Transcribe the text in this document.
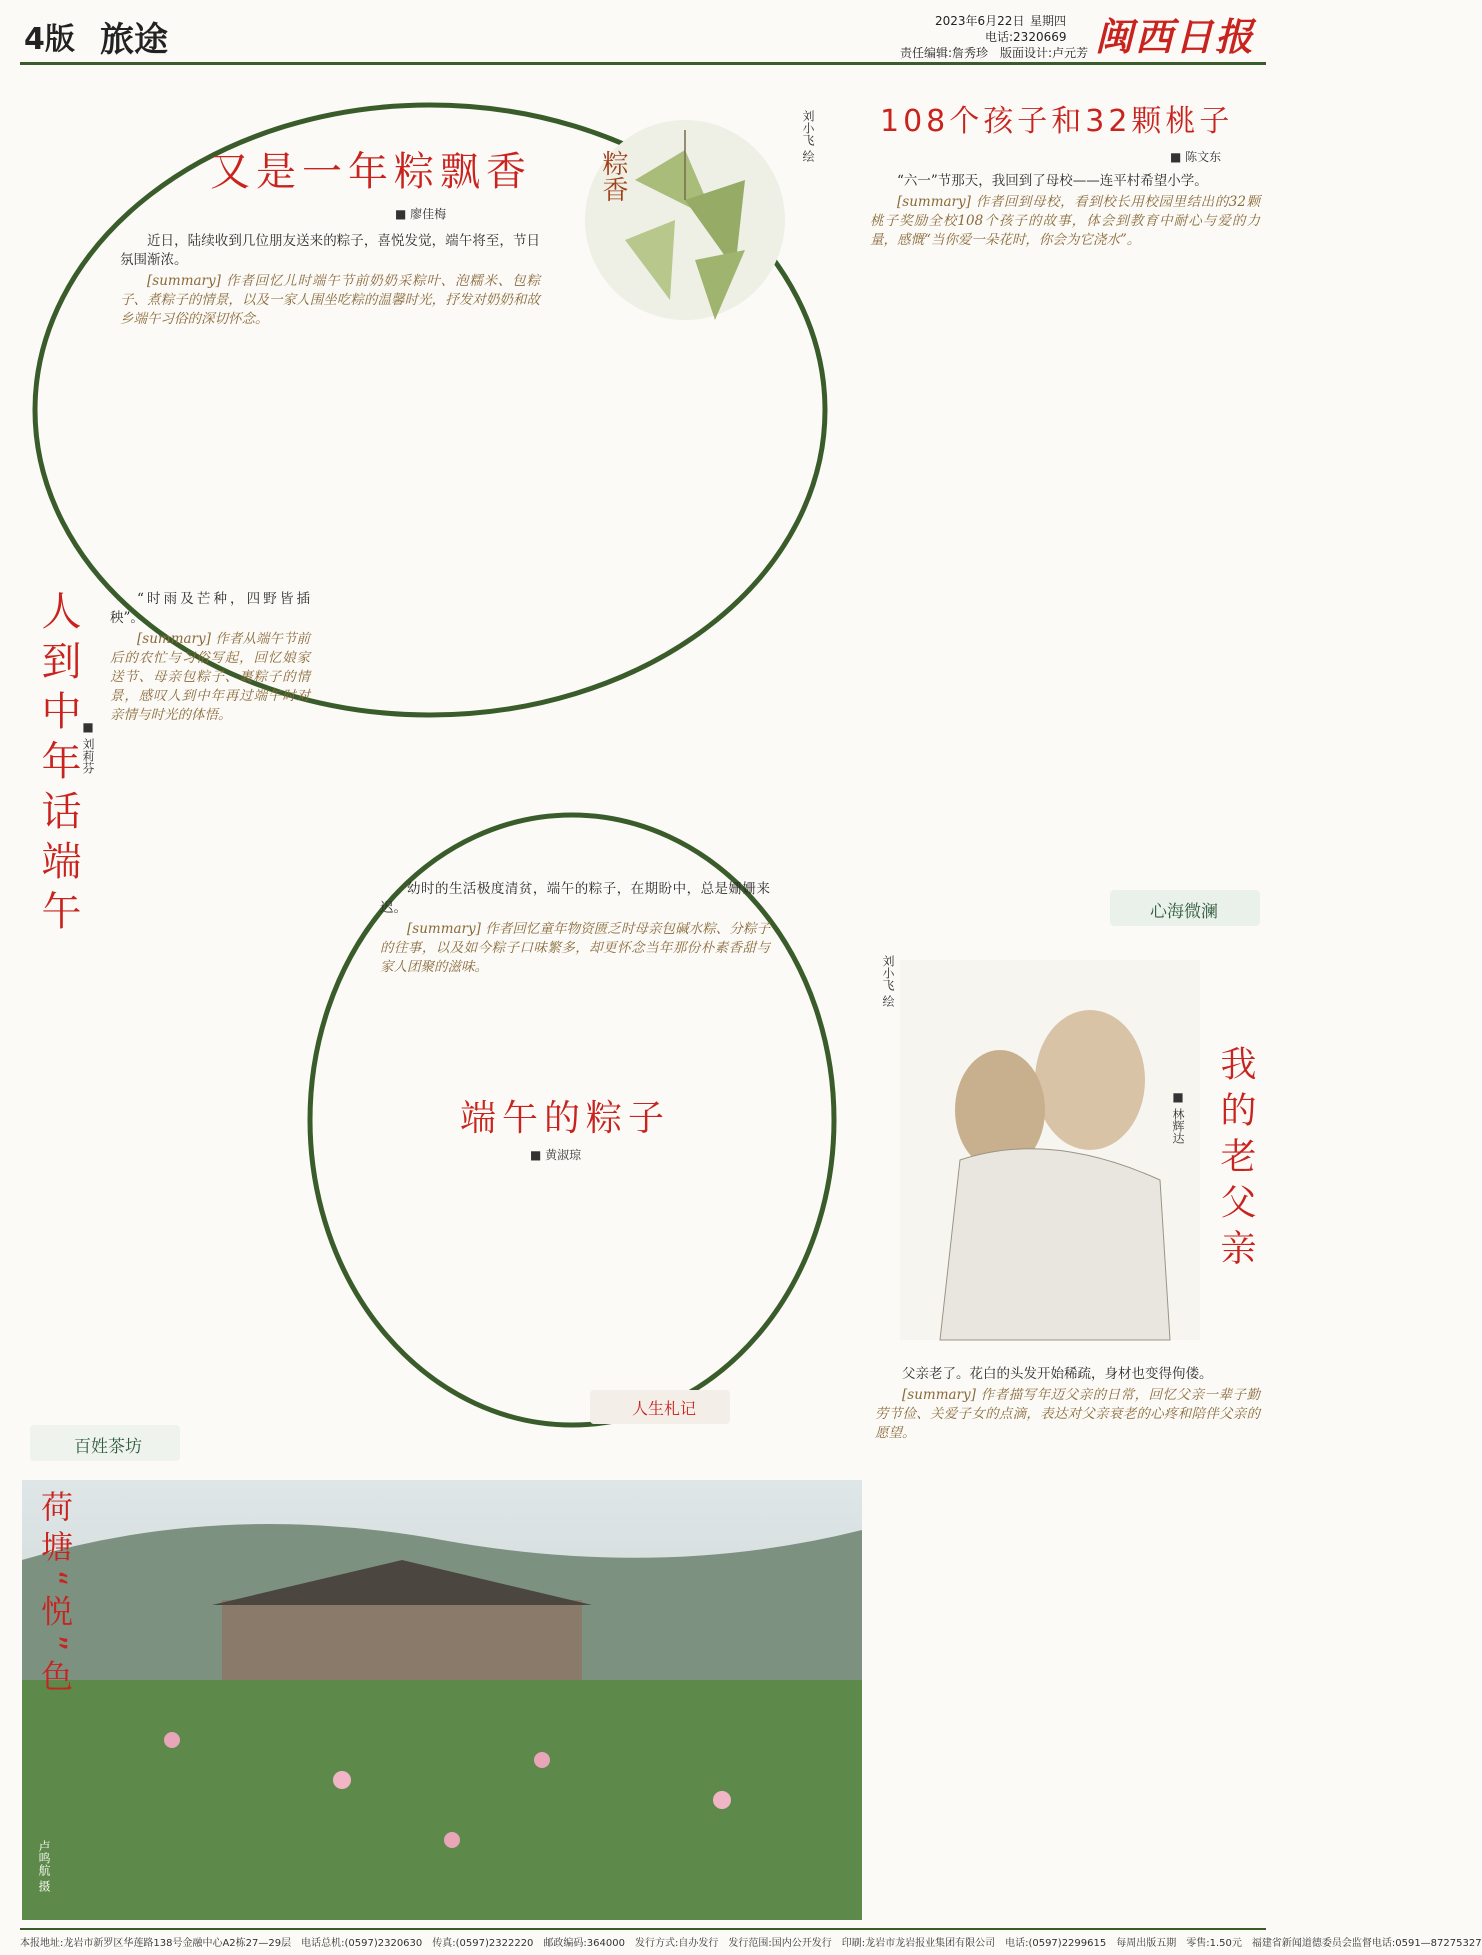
4版 旅途	2023年6月22日 星期四
电话:2320669
责任编辑:詹秀珍　版面设计:卢元芳 闽西日报
又是一年粽飘香
■ 廖佳梅

近日，陆续收到几位朋友送来的粽子，喜悦发觉，端午将至，节日氛围渐浓。

[summary] 作者回忆儿时端午节前奶奶采粽叶、泡糯米、包粽子、煮粽子的情景，以及一家人围坐吃粽的温馨时光，抒发对奶奶和故乡端午习俗的深切怀念。

粽香
刘小飞 绘 108个孩子和32颗桃子
■ 陈文东

“六一”节那天，我回到了母校——连平村希望小学。

[summary] 作者回到母校，看到校长用校园里结出的32颗桃子奖励全校108个孩子的故事，体会到教育中耐心与爱的力量，感慨“当你爱一朵花时，你会为它浇水”。

心海微澜
人到中年话端午 ■ 刘莉芬

“时雨及芒种，四野皆插秧”。

[summary] 作者从端午节前后的农忙与习俗写起，回忆娘家送节、母亲包粽子、裹粽子的情景，感叹人到中年再过端午时对亲情与时光的体悟。

百姓茶坊
端午的粽子
■ 黄淑琼

幼时的生活极度清贫，端午的粽子，在期盼中，总是姗姗来迟。

[summary] 作者回忆童年物资匮乏时母亲包碱水粽、分粽子的往事，以及如今粽子口味繁多，却更怀念当年那份朴素香甜与家人团聚的滋味。

人生札记
刘小飞 绘
我的老父亲
■ 林辉达

父亲老了。花白的头发开始稀疏，身材也变得佝偻。

[summary] 作者描写年迈父亲的日常，回忆父亲一辈子勤劳节俭、关爱子女的点滴，表达对父亲衰老的心疼和陪伴父亲的愿望。

荷塘“悦”色
卢鸣航 摄
本报地址:龙岩市新罗区华莲路138号金融中心A2栋27—29层　电话总机:(0597)2320630　传真:(0597)2322220　邮政编码:364000　发行方式:自办发行　发行范围:国内公开发行　印刷:龙岩市龙岩报业集团有限公司　电话:(0597)2299615　每周出版五期　零售:1.50元　福建省新闻道德委员会监督电话:0591—87275327
